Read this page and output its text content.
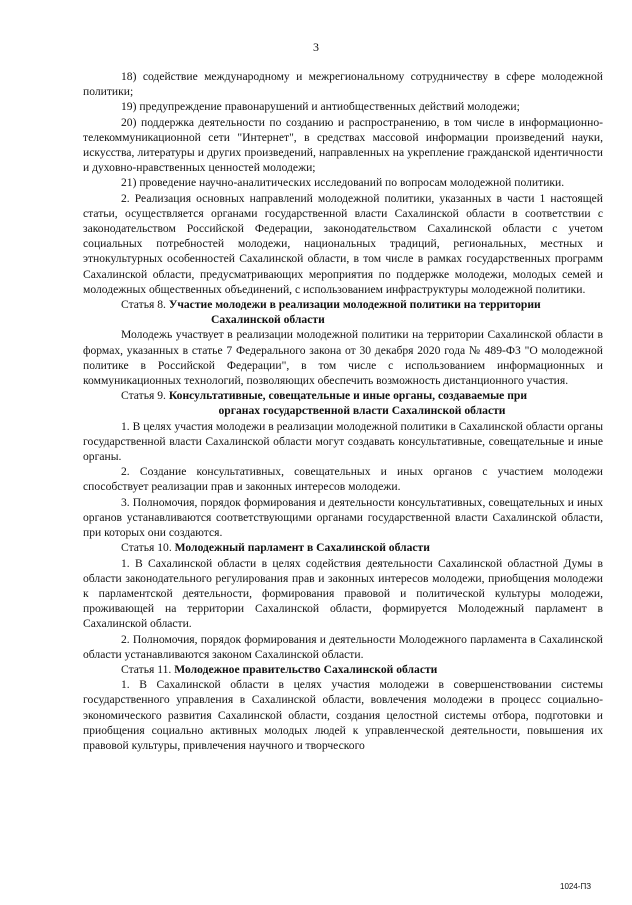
3

18) содействие международному и межрегиональному сотрудничеству в сфере молодежной политики;

19) предупреждение правонарушений и антиобщественных действий молодежи;

20) поддержка деятельности по созданию и распространению, в том числе в информационно-телекоммуникационной сети "Интернет", в средствах массовой информации произведений науки, искусства, литературы и других произведений, направленных на укрепление гражданской идентичности и духовно-нравственных ценностей молодежи;

21) проведение научно-аналитических исследований по вопросам молодежной политики.

2. Реализация основных направлений молодежной политики, указанных в части 1 настоящей статьи, осуществляется органами государственной власти Сахалинской области в соответствии с законодательством Российской Федерации, законодательством Сахалинской области с учетом социальных потребностей молодежи, национальных традиций, региональных, местных и этнокультурных особенностей Сахалинской области, в том числе в рамках государственных программ Сахалинской области, предусматривающих мероприятия по поддержке молодежи, молодых семей и молодежных общественных объединений, с использованием инфраструктуры молодежной политики.

Статья 8. Участие молодежи в реализации молодежной политики на территории

Сахалинской области

Молодежь участвует в реализации молодежной политики на территории Сахалинской области в формах, указанных в статье 7 Федерального закона от 30 декабря 2020 года № 489-ФЗ "О молодежной политике в Российской Федерации", в том числе с использованием информационных и коммуникационных технологий, позволяющих обеспечить возможность дистанционного участия.

Статья 9. Консультативные, совещательные и иные органы, создаваемые при

органах государственной власти Сахалинской области

1. В целях участия молодежи в реализации молодежной политики в Сахалинской области органы государственной власти Сахалинской области могут создавать консультативные, совещательные и иные органы.

2. Создание консультативных, совещательных и иных органов с участием молодежи способствует реализации прав и законных интересов молодежи.

3. Полномочия, порядок формирования и деятельности консультативных, совещательных и иных органов устанавливаются соответствующими органами государственной власти Сахалинской области, при которых они создаются.

Статья 10. Молодежный парламент в Сахалинской области

1. В Сахалинской области в целях содействия деятельности Сахалинской областной Думы в области законодательного регулирования прав и законных интересов молодежи, приобщения молодежи к парламентской деятельности, формирования правовой и политической культуры молодежи, проживающей на территории Сахалинской области, формируется Молодежный парламент в Сахалинской области.

2. Полномочия, порядок формирования и деятельности Молодежного парламента в Сахалинской области устанавливаются законом Сахалинской области.

Статья 11. Молодежное правительство Сахалинской области

1. В Сахалинской области в целях участия молодежи в совершенствовании системы государственного управления в Сахалинской области, вовлечения молодежи в процесс социально-экономического развития Сахалинской области, создания целостной системы отбора, подготовки и приобщения социально активных молодых людей к управленческой деятельности, повышения их правовой культуры, привлечения научного и творческого

1024-ПЗ
